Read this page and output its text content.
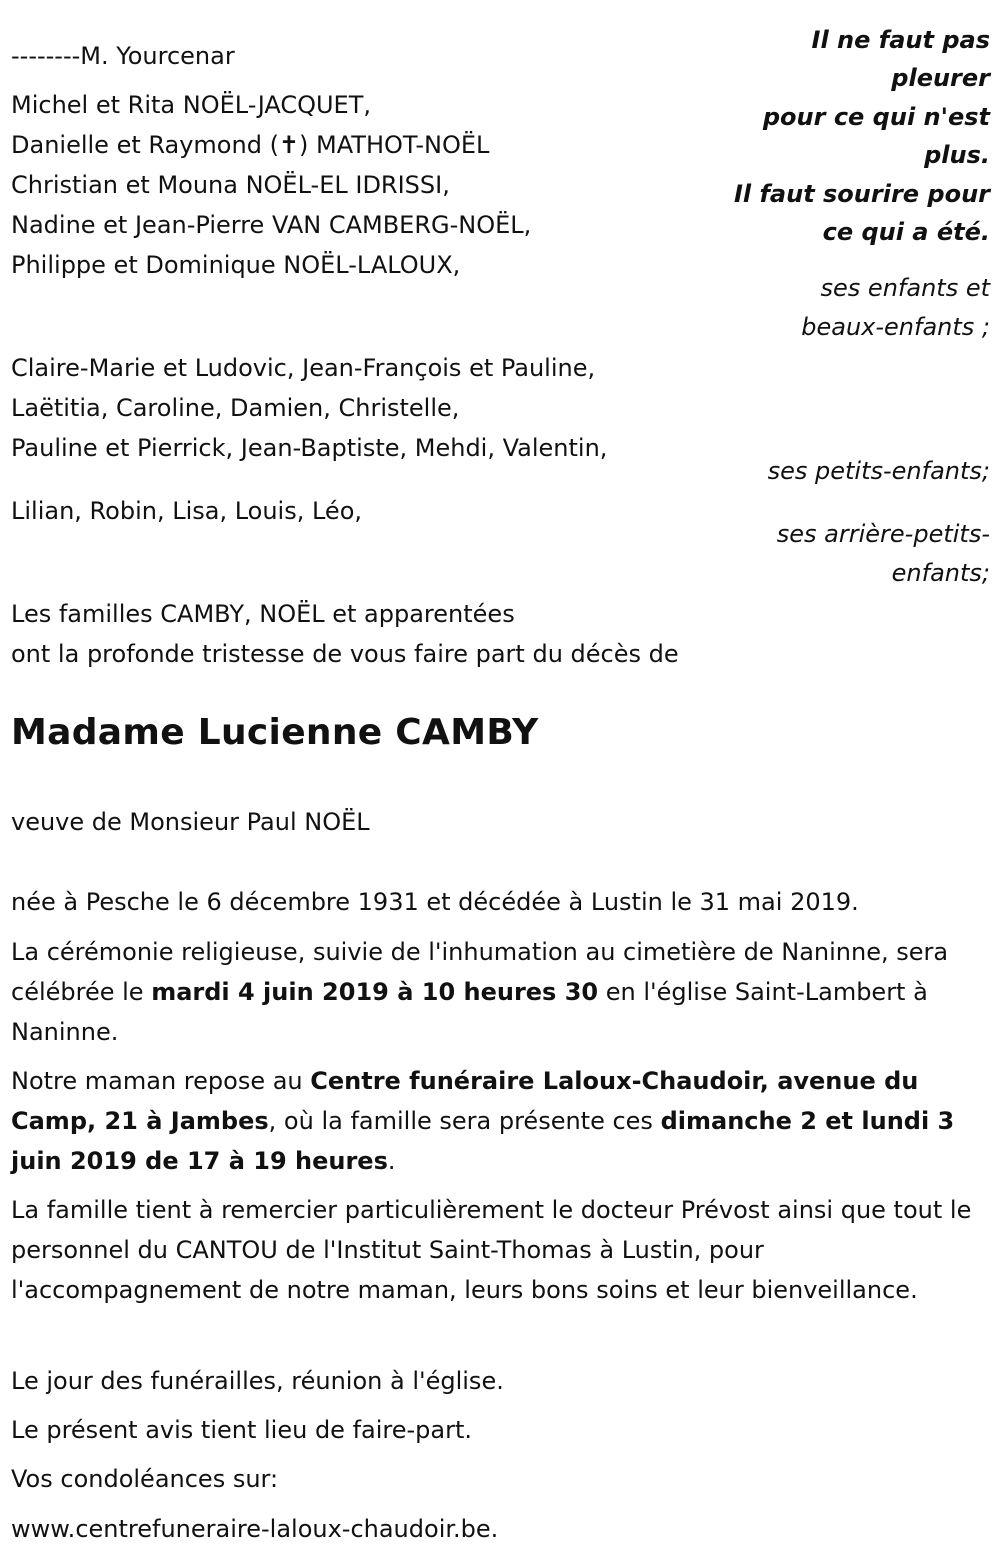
Il ne faut pas
pleurer
pour ce qui n'est
plus.
Il faut sourire pour
ce qui a été.
--------M. Yourcenar
Michel et Rita NOËL-JACQUET,
Danielle et Raymond (✝) MATHOT-NOËL
Christian et Mouna NOËL-EL IDRISSI,
Nadine et Jean-Pierre VAN CAMBERG-NOËL,
Philippe et Dominique NOËL-LALOUX,
ses enfants et
beaux-enfants ;
Claire-Marie et Ludovic, Jean-François et Pauline,
Laëtitia, Caroline, Damien, Christelle,
Pauline et Pierrick, Jean-Baptiste, Mehdi, Valentin,
ses petits-enfants;
Lilian, Robin, Lisa, Louis, Léo,
ses arrière-petits-
enfants;
Les familles CAMBY, NOËL et apparentées
ont la profonde tristesse de vous faire part du décès de
Madame Lucienne CAMBY
veuve de Monsieur Paul NOËL
née à Pesche le 6 décembre 1931 et décédée à Lustin le 31 mai 2019.
La cérémonie religieuse, suivie de l'inhumation au cimetière de Naninne, sera célébrée le mardi 4 juin 2019 à 10 heures 30 en l'église Saint-Lambert à Naninne.
Notre maman repose au Centre funéraire Laloux-Chaudoir, avenue du Camp, 21 à Jambes, où la famille sera présente ces dimanche 2 et lundi 3 juin 2019 de 17 à 19 heures.
La famille tient à remercier particulièrement le docteur Prévost ainsi que tout le personnel du CANTOU de l'Institut Saint-Thomas à Lustin, pour l'accompagnement de notre maman, leurs bons soins et leur bienveillance.
Le jour des funérailles, réunion à l'église.
Le présent avis tient lieu de faire-part.
Vos condoléances sur:
www.centrefuneraire-laloux-chaudoir.be.
